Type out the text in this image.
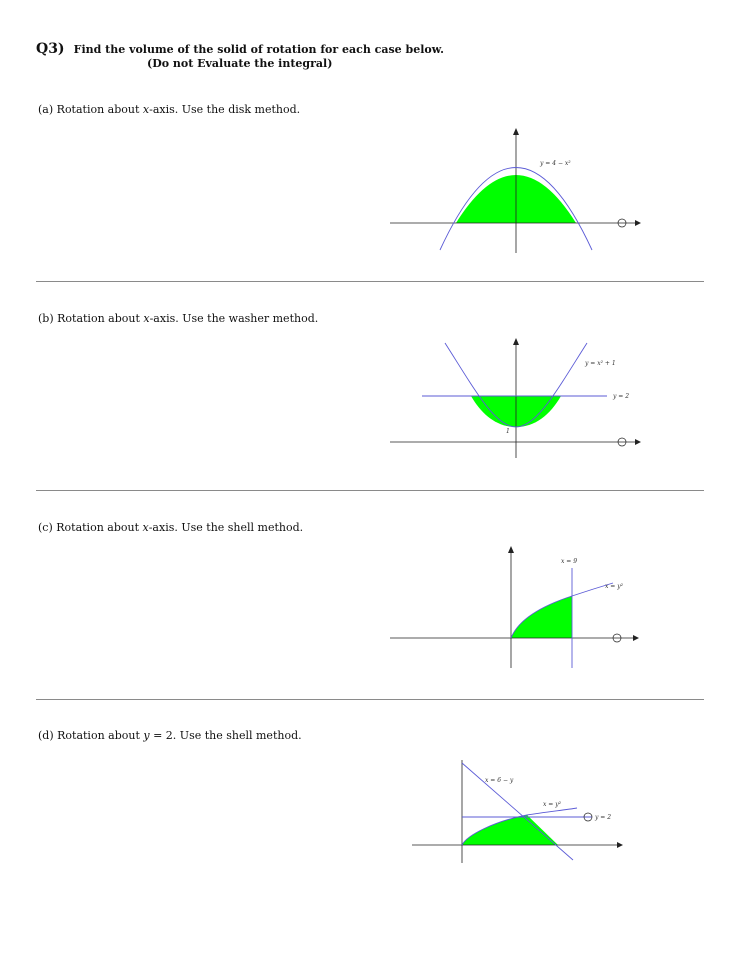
Q3) Find the volume of the solid of rotation for each case below.
(Do not Evaluate the integral)
(a) Rotation about x-axis. Use the disk method.
y = 4 − x²
(b) Rotation about x-axis. Use the washer method.
y = x² + 1
y = 2
1
(c) Rotation about x-axis. Use the shell method.
x = 9
x = y²
(d) Rotation about y = 2. Use the shell method.
x = 6 − y
x = y²
y = 2
